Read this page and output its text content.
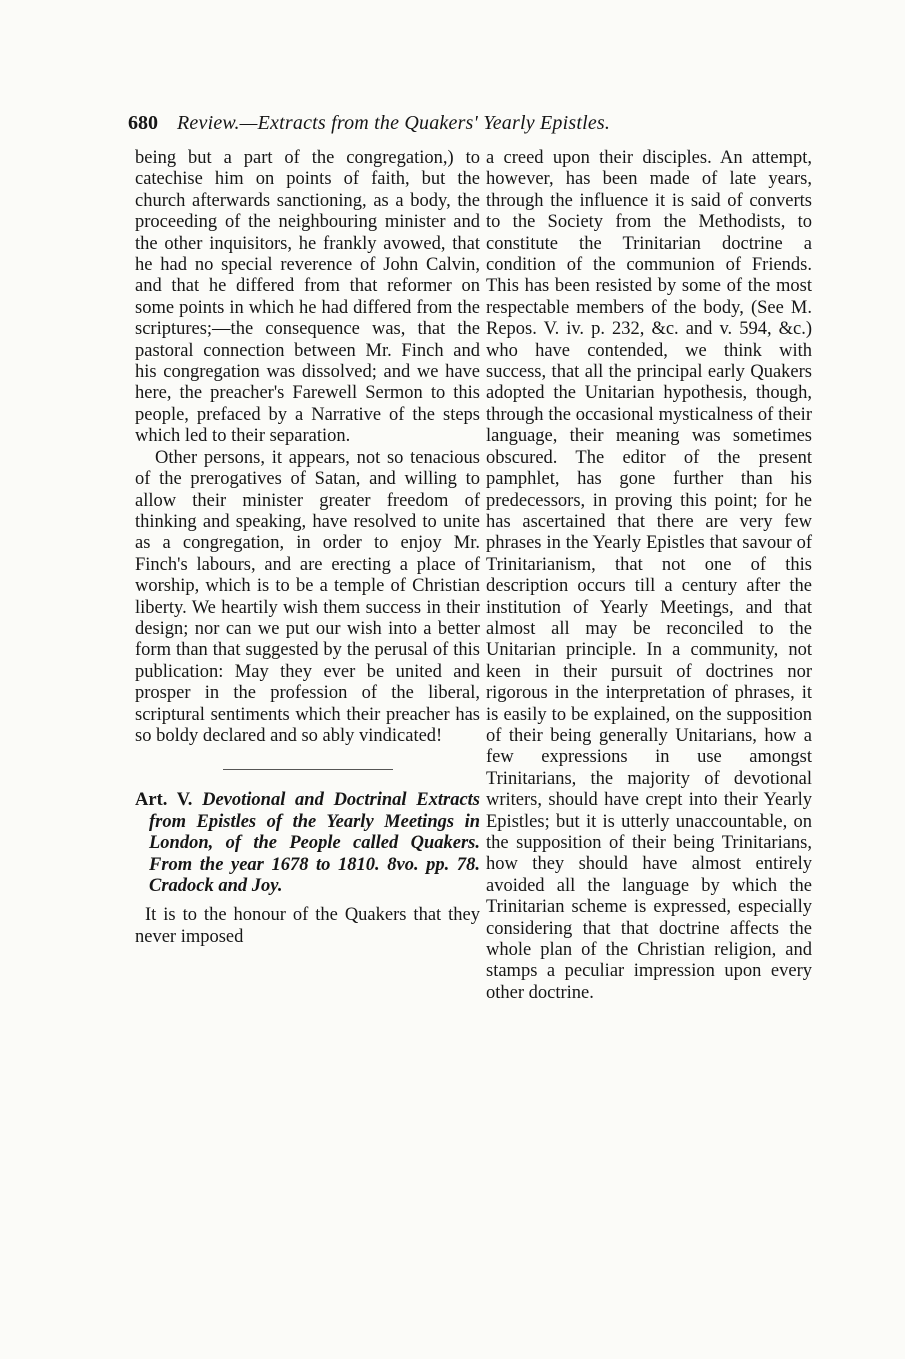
680 Review.—Extracts from the Quakers' Yearly Epistles.

being but a part of the congregation,) to catechise him on points of faith, but the church afterwards sanctioning, as a body, the proceeding of the neighbouring minister and the other inquisitors, he frankly avowed, that he had no special reverence of John Calvin, and that he differed from that reformer on some points in which he had differed from the scriptures;—the consequence was, that the pastoral connection between Mr. Finch and his congregation was dissolved; and we have here, the preacher's Farewell Sermon to this people, prefaced by a Narrative of the steps which led to their separation.

Other persons, it appears, not so tenacious of the prerogatives of Satan, and willing to allow their minister greater freedom of thinking and speaking, have resolved to unite as a congregation, in order to enjoy Mr. Finch's labours, and are erecting a place of worship, which is to be a temple of Christian liberty. We heartily wish them success in their design; nor can we put our wish into a better form than that suggested by the perusal of this publication: May they ever be united and prosper in the profession of the liberal, scriptural sentiments which their preacher has so boldy declared and so ably vindicated!

Art. V. Devotional and Doctrinal Extracts from Epistles of the Yearly Meetings in London, of the People called Quakers. From the year 1678 to 1810. 8vo. pp. 78. Cradock and Joy.

It is to the honour of the Quakers that they never imposed

a creed upon their disciples. An attempt, however, has been made of late years, through the influence it is said of converts to the Society from the Methodists, to constitute the Trinitarian doctrine a condition of the communion of Friends. This has been resisted by some of the most respectable members of the body, (See M. Repos. V. iv. p. 232, &c. and v. 594, &c.) who have contended, we think with success, that all the principal early Quakers adopted the Unitarian hypothesis, though, through the occasional mysticalness of their language, their meaning was sometimes obscured. The editor of the present pamphlet, has gone further than his predecessors, in proving this point; for he has ascertained that there are very few phrases in the Yearly Epistles that savour of Trinitarianism, that not one of this description occurs till a century after the institution of Yearly Meetings, and that almost all may be reconciled to the Unitarian principle. In a community, not keen in their pursuit of doctrines nor rigorous in the interpretation of phrases, it is easily to be explained, on the supposition of their being generally Unitarians, how a few expressions in use amongst Trinitarians, the majority of devotional writers, should have crept into their Yearly Epistles; but it is utterly unaccountable, on the supposition of their being Trinitarians, how they should have almost entirely avoided all the language by which the Trinitarian scheme is expressed, especially considering that that doctrine affects the whole plan of the Christian religion, and stamps a peculiar impression upon every other doctrine.
